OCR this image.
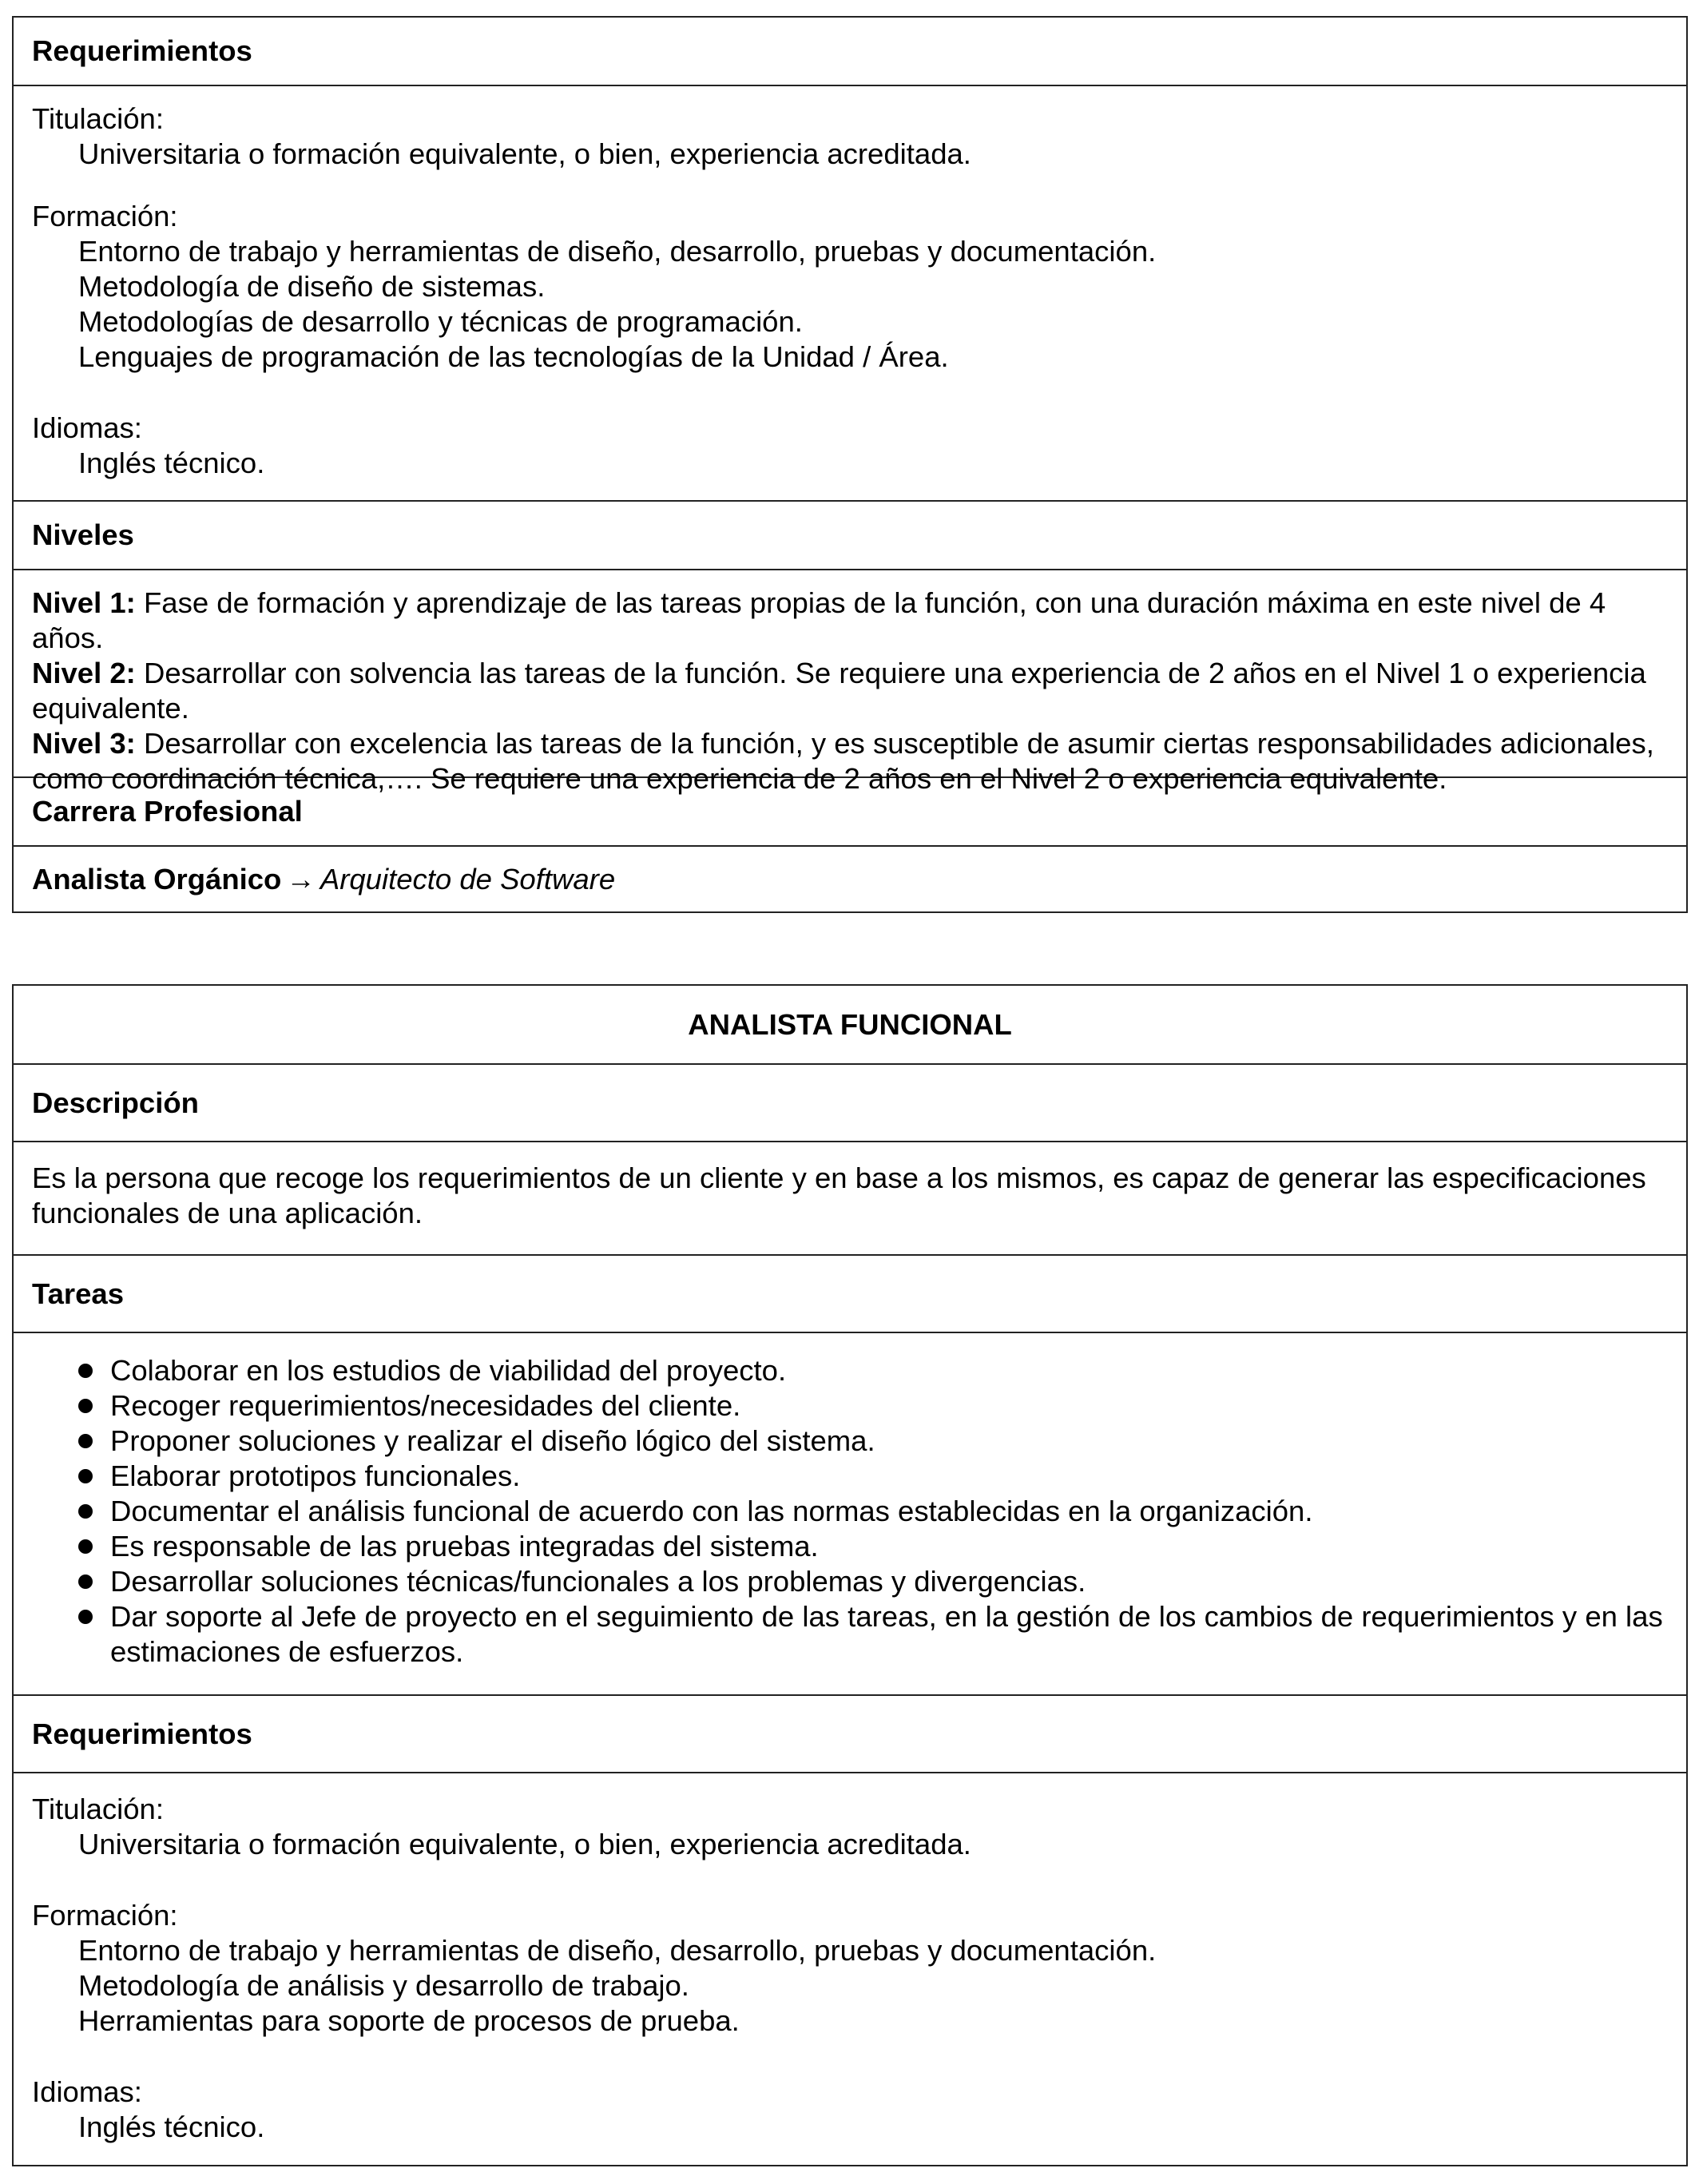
Requerimientos
Titulación:
Universitaria o formación equivalente, o bien, experiencia acreditada.
Formación:
Entorno de trabajo y herramientas de diseño, desarrollo, pruebas y documentación.
Metodología de diseño de sistemas.
Metodologías de desarrollo y técnicas de programación.
Lenguajes de programación de las tecnologías de la Unidad / Área.
Idiomas:
Inglés técnico.
Niveles
Nivel 1: Fase de formación y aprendizaje de las tareas propias de la función, con una duración máxima en este nivel de 4 años.
Nivel 2: Desarrollar con solvencia las tareas de la función. Se requiere una experiencia de 2 años en el Nivel 1 o experiencia equivalente.
Nivel 3: Desarrollar con excelencia las tareas de la función, y es susceptible de asumir ciertas responsabilidades adicionales, como coordinación técnica,…. Se requiere una experiencia de 2 años en el Nivel 2 o experiencia equivalente.
Carrera Profesional
Analista Orgánico → Arquitecto de Software
ANALISTA FUNCIONAL
Descripción
Es la persona que recoge los requerimientos de un cliente y en base a los mismos, es capaz de generar las especificaciones funcionales de una aplicación.
Tareas
Colaborar en los estudios de viabilidad del proyecto.
Recoger requerimientos/necesidades del cliente.
Proponer soluciones y realizar el diseño lógico del sistema.
Elaborar prototipos funcionales.
Documentar el análisis funcional de acuerdo con las normas establecidas en la organización.
Es responsable de las pruebas integradas del sistema.
Desarrollar soluciones técnicas/funcionales a los problemas y divergencias.
Dar soporte al Jefe de proyecto en el seguimiento de las tareas, en la gestión de los cambios de requerimientos y en las estimaciones de esfuerzos.
Requerimientos
Titulación:
Universitaria o formación equivalente, o bien, experiencia acreditada.
Formación:
Entorno de trabajo y herramientas de diseño, desarrollo, pruebas y documentación.
Metodología de análisis y desarrollo de trabajo.
Herramientas para soporte de procesos de prueba.
Idiomas:
Inglés técnico.
